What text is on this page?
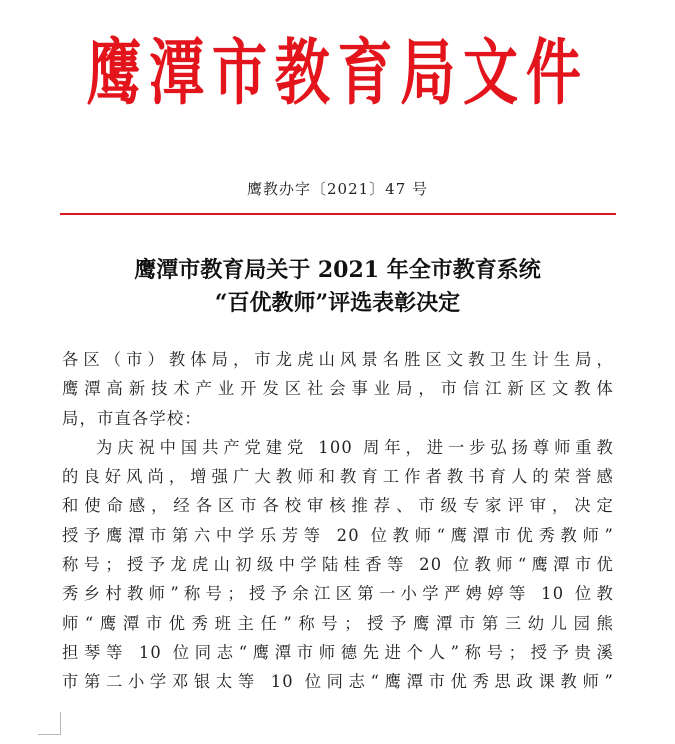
鹰潭市教育局文件
鹰教办字〔2021〕47 号
鹰潭市教育局关于 2021 年全市教育系统
“百优教师”评选表彰决定
各区（市）教体局，市龙虎山风景名胜区文教卫生计生局，
鹰潭高新技术产业开发区社会事业局，市信江新区文教体
局，市直各学校：
为庆祝中国共产党建党 100 周年，进一步弘扬尊师重教
的良好风尚，增强广大教师和教育工作者教书育人的荣誉感
和使命感，经各区市各校审核推荐、市级专家评审，决定
授予鹰潭市第六中学乐芳等 20 位教师“鹰潭市优秀教师”
称号；授予龙虎山初级中学陆桂香等 20 位教师“鹰潭市优
秀乡村教师”称号；授予余江区第一小学严娉婷等 10 位教
师“鹰潭市优秀班主任”称号；授予鹰潭市第三幼儿园熊
担琴等 10 位同志“鹰潭市师德先进个人”称号；授予贵溪
市第二小学邓银太等 10 位同志“鹰潭市优秀思政课教师”
